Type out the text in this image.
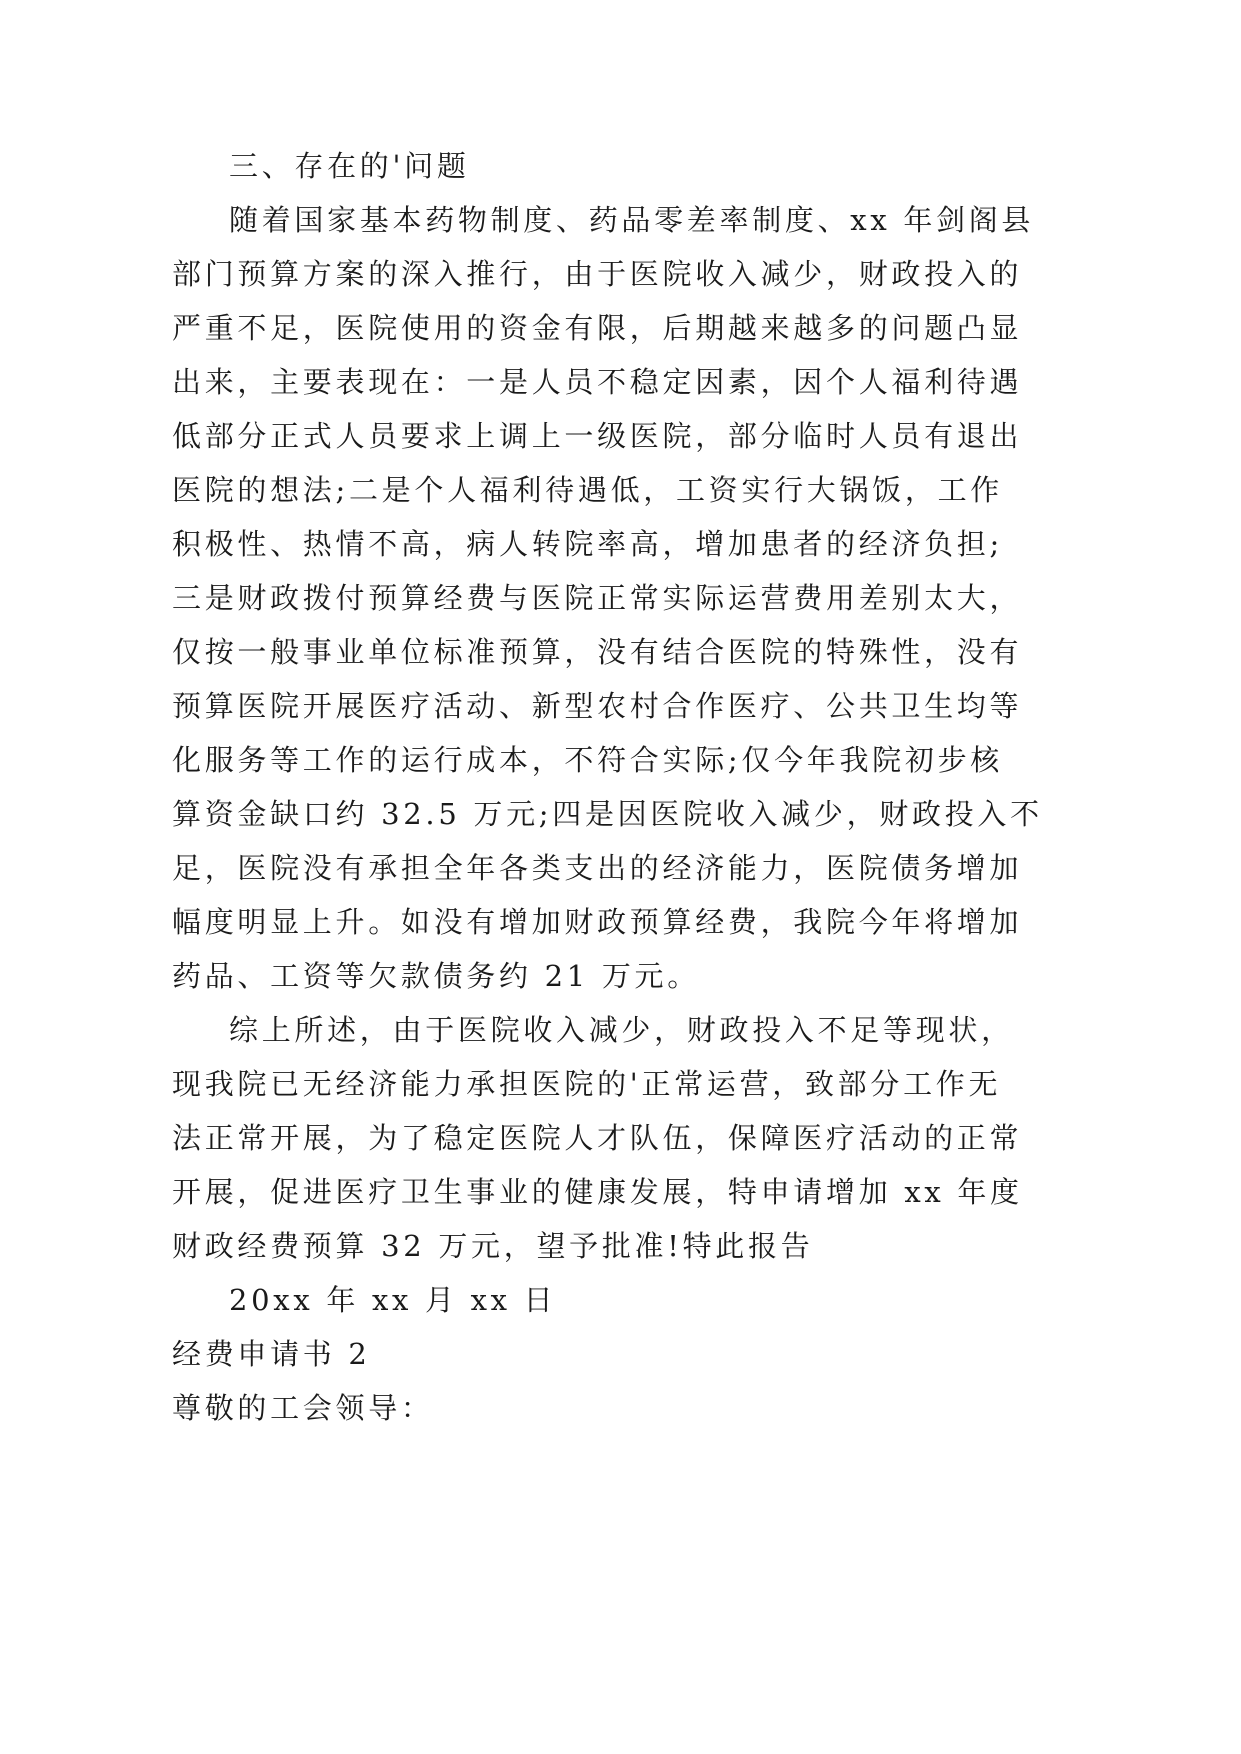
三、存在的'问题
随着国家基本药物制度、药品零差率制度、xx 年剑阁县
部门预算方案的深入推行，由于医院收入减少，财政投入的
严重不足，医院使用的资金有限，后期越来越多的问题凸显
出来，主要表现在：一是人员不稳定因素，因个人福利待遇
低部分正式人员要求上调上一级医院，部分临时人员有退出
医院的想法;二是个人福利待遇低，工资实行大锅饭，工作
积极性、热情不高，病人转院率高，增加患者的经济负担;
三是财政拨付预算经费与医院正常实际运营费用差别太大，
仅按一般事业单位标准预算，没有结合医院的特殊性，没有
预算医院开展医疗活动、新型农村合作医疗、公共卫生均等
化服务等工作的运行成本，不符合实际;仅今年我院初步核
算资金缺口约 32.5 万元;四是因医院收入减少，财政投入不
足，医院没有承担全年各类支出的经济能力，医院债务增加
幅度明显上升。如没有增加财政预算经费，我院今年将增加
药品、工资等欠款债务约 21 万元。
综上所述，由于医院收入减少，财政投入不足等现状，
现我院已无经济能力承担医院的'正常运营，致部分工作无
法正常开展，为了稳定医院人才队伍，保障医疗活动的正常
开展，促进医疗卫生事业的健康发展，特申请增加 xx 年度
财政经费预算 32 万元，望予批准!特此报告
20xx 年 xx 月 xx 日
经费申请书 2
尊敬的工会领导：
